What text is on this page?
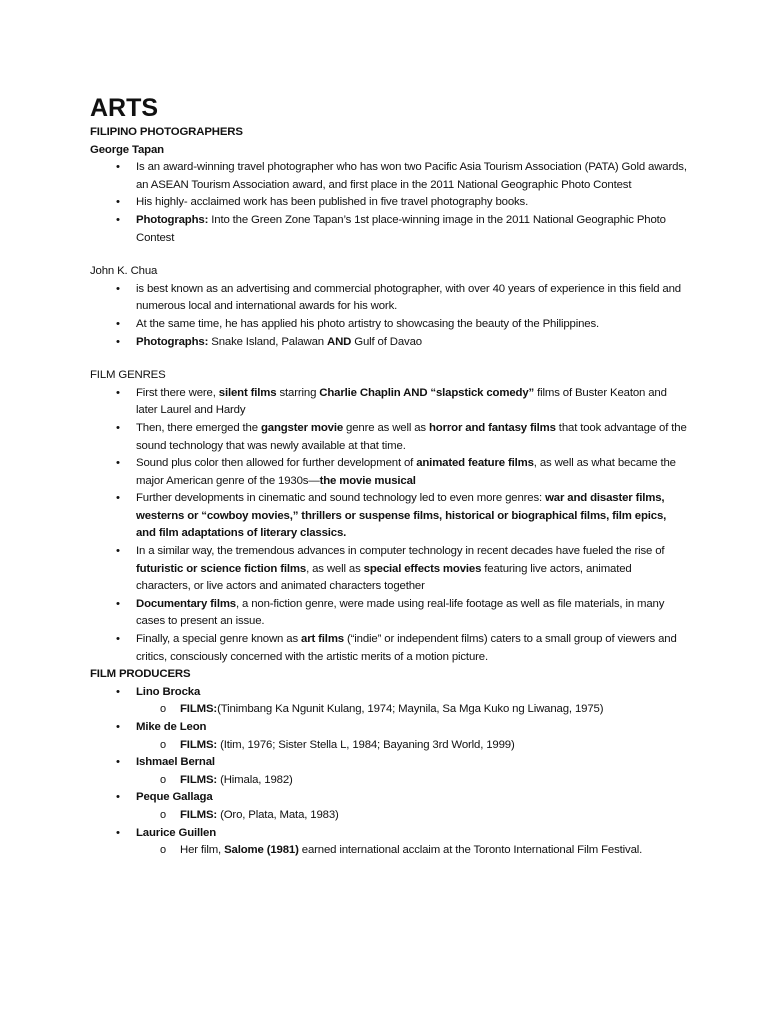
ARTS

FILIPINO PHOTOGRAPHERS

George Tapan

•	Is an award-winning travel photographer who has won two Pacific Asia Tourism Association (PATA) Gold awards, an ASEAN Tourism Association award, and first place in the 2011 National Geographic Photo Contest
•	His highly- acclaimed work has been published in five travel photography books.
•	Photographs: Into the Green Zone Tapan’s 1st place-winning image in the 2011 National Geographic Photo Contest

John K. Chua

•	is best known as an advertising and commercial photographer, with over 40 years of experience in this field and numerous local and international awards for his work.
•	At the same time, he has applied his photo artistry to showcasing the beauty of the Philippines.
•	Photographs: Snake Island, Palawan AND Gulf of Davao

FILM GENRES

•	First there were, silent films starring Charlie Chaplin AND “slapstick comedy” films of Buster Keaton and later Laurel and Hardy
•	Then, there emerged the gangster movie genre as well as horror and fantasy films that took advantage of the sound technology that was newly available at that time.
•	Sound plus color then allowed for further development of animated feature films, as well as what became the major American genre of the 1930s—the movie musical
•	Further developments in cinematic and sound technology led to even more genres: war and disaster films, westerns or “cowboy movies,” thrillers or suspense films, historical or biographical films, film epics, and film adaptations of literary classics.
•	In a similar way, the tremendous advances in computer technology in recent decades have fueled the rise of futuristic or science fiction films, as well as special effects movies featuring live actors, animated characters, or live actors and animated characters together
•	Documentary films, a non-fiction genre, were made using real-life footage as well as file materials, in many cases to present an issue.
•	Finally, a special genre known as art films (“indie” or independent films) caters to a small group of viewers and critics, consciously concerned with the artistic merits of a motion picture.

FILM PRODUCERS

•	Lino Brocka
o	FILMS:(Tinimbang Ka Ngunit Kulang, 1974; Maynila, Sa Mga Kuko ng Liwanag, 1975)
•	Mike de Leon
o	FILMS: (Itim, 1976; Sister Stella L, 1984; Bayaning 3rd World, 1999)
•	Ishmael Bernal
o	FILMS: (Himala, 1982)
•	Peque Gallaga
o	FILMS: (Oro, Plata, Mata, 1983)
•	Laurice Guillen
o	Her film, Salome (1981) earned international acclaim at the Toronto International Film Festival.
